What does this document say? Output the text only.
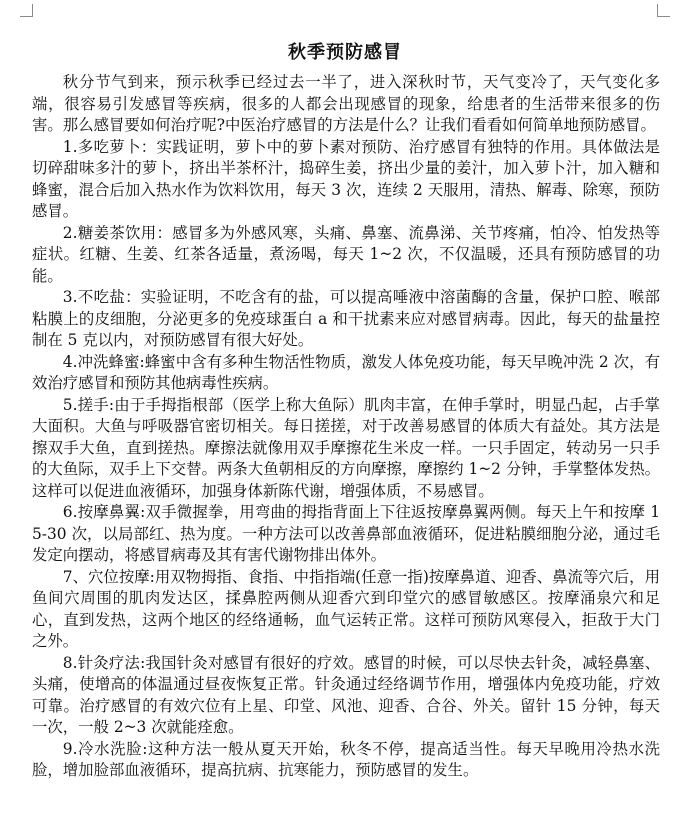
秋季预防感冒

秋分节气到来，预示秋季已经过去一半了，进入深秋时节，天气变冷了，天气变化多端，很容易引发感冒等疾病，很多的人都会出现感冒的现象，给患者的生活带来很多的伤害。那么感冒要如何治疗呢?中医治疗感冒的方法是什么？让我们看看如何简单地预防感冒。

1.多吃萝卜：实践证明，萝卜中的萝卜素对预防、治疗感冒有独特的作用。具体做法是切碎甜味多汁的萝卜，挤出半茶杯汁，捣碎生姜，挤出少量的姜汁，加入萝卜汁，加入糖和蜂蜜，混合后加入热水作为饮料饮用，每天 3 次，连续 2 天服用，清热、解毒、除寒，预防感冒。

2.糖姜茶饮用：感冒多为外感风寒，头痛、鼻塞、流鼻涕、关节疼痛，怕冷、怕发热等症状。红糖、生姜、红茶各适量，煮汤喝，每天 1~2 次，不仅温暖，还具有预防感冒的功能。

3.不吃盐：实验证明，不吃含有的盐，可以提高唾液中溶菌酶的含量，保护口腔、喉部粘膜上的皮细胞，分泌更多的免疫球蛋白 a 和干扰素来应对感冒病毒。因此，每天的盐量控制在 5 克以内，对预防感冒有很大好处。

4.冲洗蜂蜜:蜂蜜中含有多种生物活性物质，激发人体免疫功能，每天早晚冲洗 2 次，有效治疗感冒和预防其他病毒性疾病。

5.搓手:由于手拇指根部（医学上称大鱼际）肌肉丰富，在伸手掌时，明显凸起，占手掌大面积。大鱼与呼吸器官密切相关。每日搓搓，对于改善易感冒的体质大有益处。其方法是擦双手大鱼，直到搓热。摩擦法就像用双手摩擦花生米皮一样。一只手固定，转动另一只手的大鱼际，双手上下交替。两条大鱼朝相反的方向摩擦，摩擦约 1~2 分钟，手掌整体发热。这样可以促进血液循环，加强身体新陈代谢，增强体质，不易感冒。

6.按摩鼻翼:双手微握拳，用弯曲的拇指背面上下往返按摩鼻翼两侧。每天上午和按摩 15-30 次，以局部红、热为度。一种方法可以改善鼻部血液循环，促进粘膜细胞分泌，通过毛发定向摆动，将感冒病毒及其有害代谢物排出体外。

7、穴位按摩:用双物拇指、食指、中指指端(任意一指)按摩鼻道、迎香、鼻流等穴后，用鱼间穴周围的肌肉发达区，揉鼻腔两侧从迎香穴到印堂穴的感冒敏感区。按摩涌泉穴和足心，直到发热，这两个地区的经络通畅，血气运转正常。这样可预防风寒侵入，拒敌于大门之外。

8.针灸疗法:我国针灸对感冒有很好的疗效。感冒的时候，可以尽快去针灸，减轻鼻塞、头痛，使增高的体温通过昼夜恢复正常。针灸通过经络调节作用，增强体内免疫功能，疗效可靠。治疗感冒的有效穴位有上星、印堂、风池、迎香、合谷、外关。留针 15 分钟，每天一次，一般 2~3 次就能痊愈。

9.冷水洗脸:这种方法一般从夏天开始，秋冬不停，提高适当性。每天早晚用冷热水洗脸，增加脸部血液循环，提高抗病、抗寒能力，预防感冒的发生。
